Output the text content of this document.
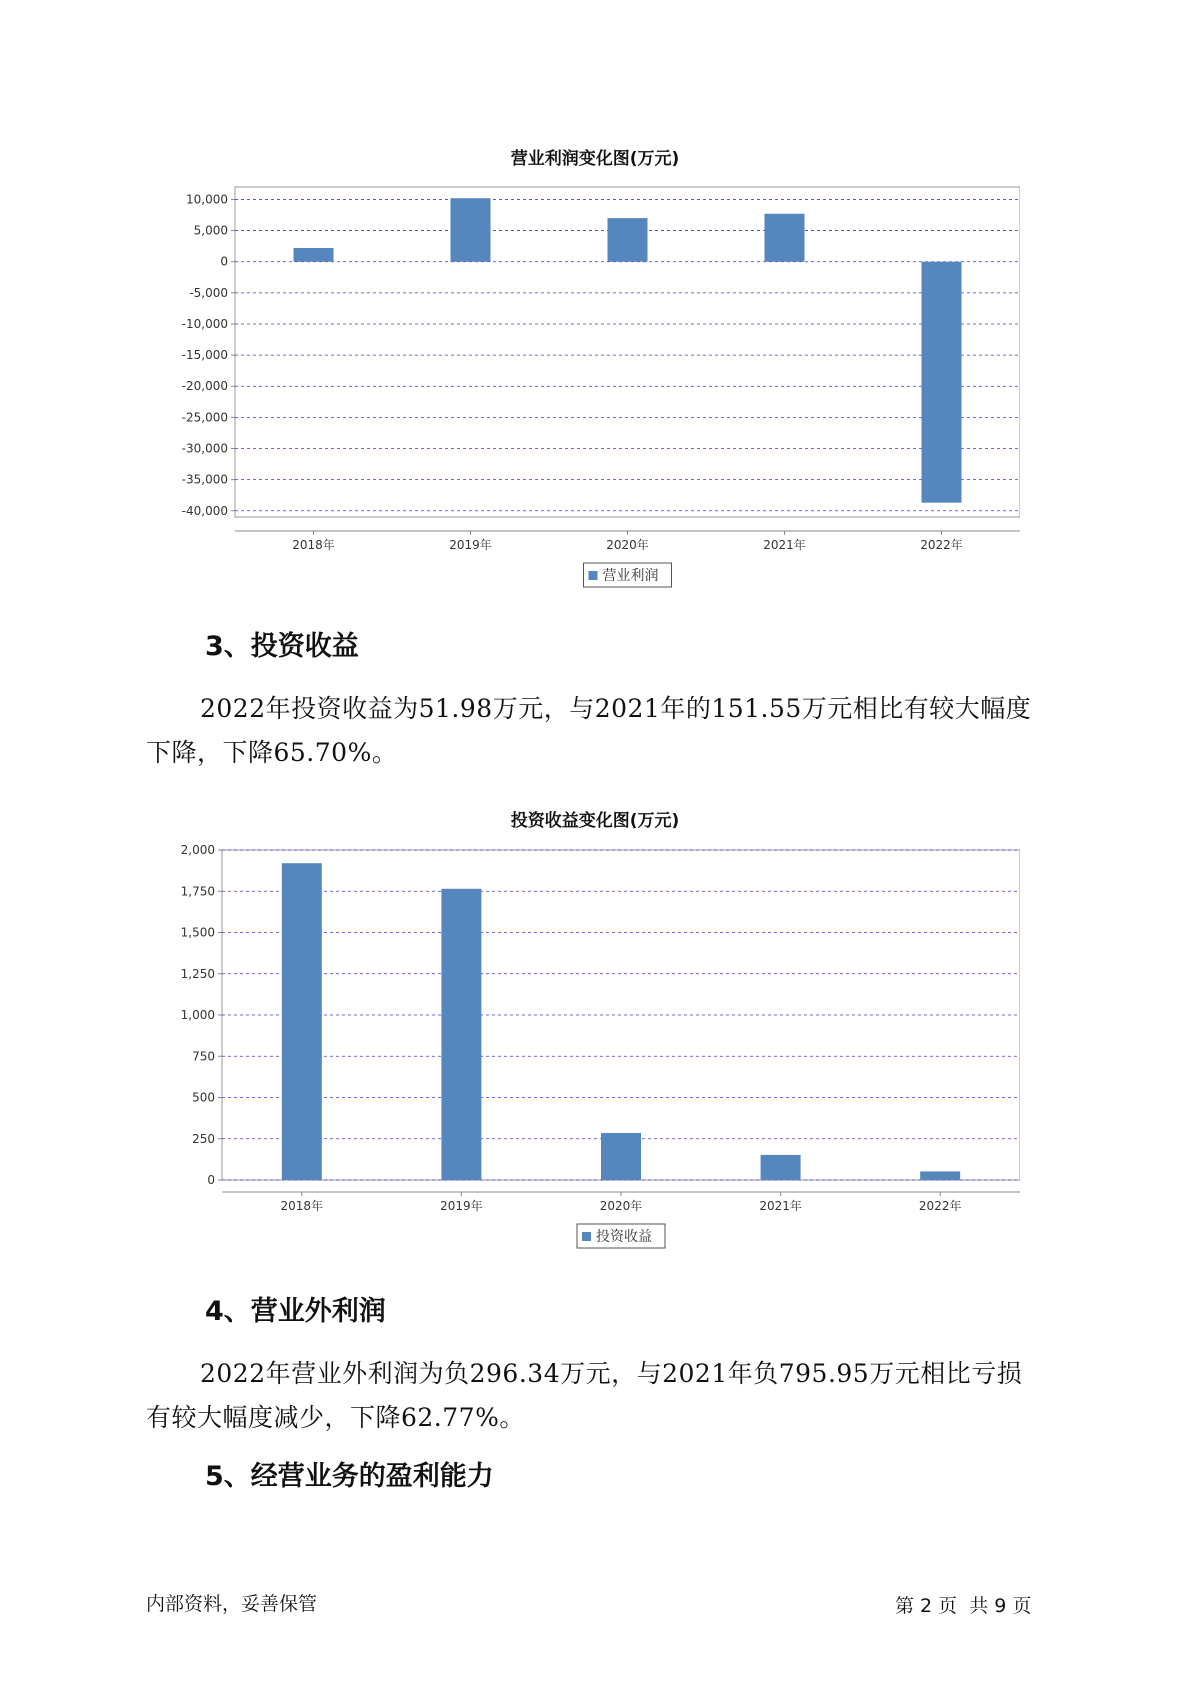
营业利润变化图(万元)
10,000
5,000
0
-5,000
-10,000
-15,000
-20,000
-25,000
-30,000
-35,000
-40,000
2018年	2019年	2020年	2021年	2022年
营业利润
3、投资收益
2022年投资收益为51.98万元，与2021年的151.55万元相比有较大幅度
下降，下降65.70%。
投资收益变化图(万元)
2,000
1,750
1,500
1,250
1,000
750
500
250
0
2018年	2019年	2020年	2021年	2022年
投资收益
4、营业外利润
2022年营业外利润为负296.34万元，与2021年负795.95万元相比亏损
有较大幅度减少，下降62.77%。
5、经营业务的盈利能力
内部资料，妥善保管	第 2 页  共 9 页
